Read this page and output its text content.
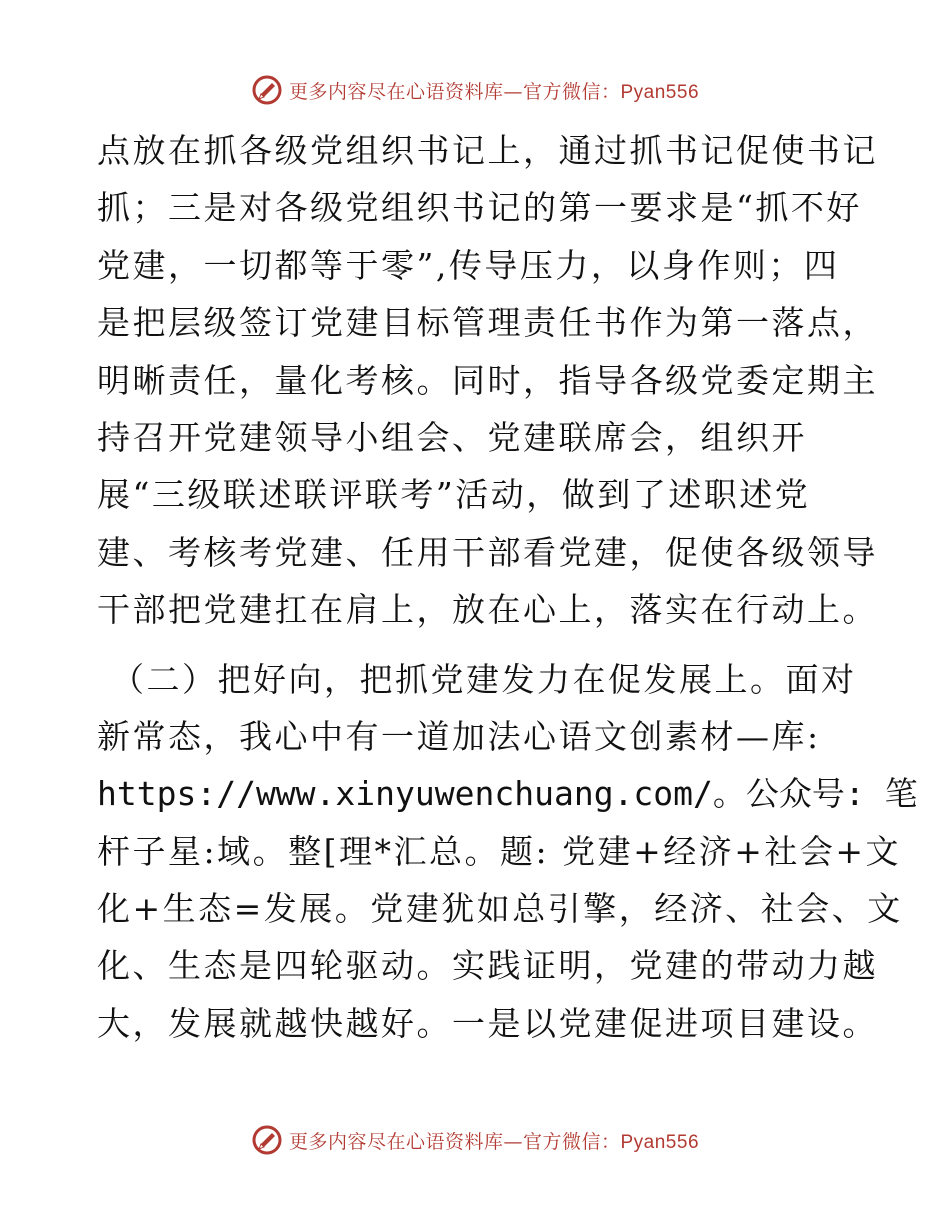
更多内容尽在心语资料库—官方微信：Pyan556
点放在抓各级党组织书记上，通过抓书记促使书记
抓；三是对各级党组织书记的第一要求是“抓不好
党建，一切都等于零”,传导压力，以身作则；四
是把层级签订党建目标管理责任书作为第一落点，
明晰责任，量化考核。同时，指导各级党委定期主
持召开党建领导小组会、党建联席会，组织开
展“三级联述联评联考”活动，做到了述职述党
建、考核考党建、任用干部看党建，促使各级领导
干部把党建扛在肩上，放在心上，落实在行动上。
（二）把好向，把抓党建发力在促发展上。面对
新常态，我心中有一道加法心语文创素材—库:
https://www.xinyuwenchuang.com/。公众号: 笔
杆子星:域。整[理*汇总。题: 党建+经济+社会+文
化+生态=发展。党建犹如总引擎，经济、社会、文
化、生态是四轮驱动。实践证明，党建的带动力越
大，发展就越快越好。一是以党建促进项目建设。
更多内容尽在心语资料库—官方微信：Pyan556
